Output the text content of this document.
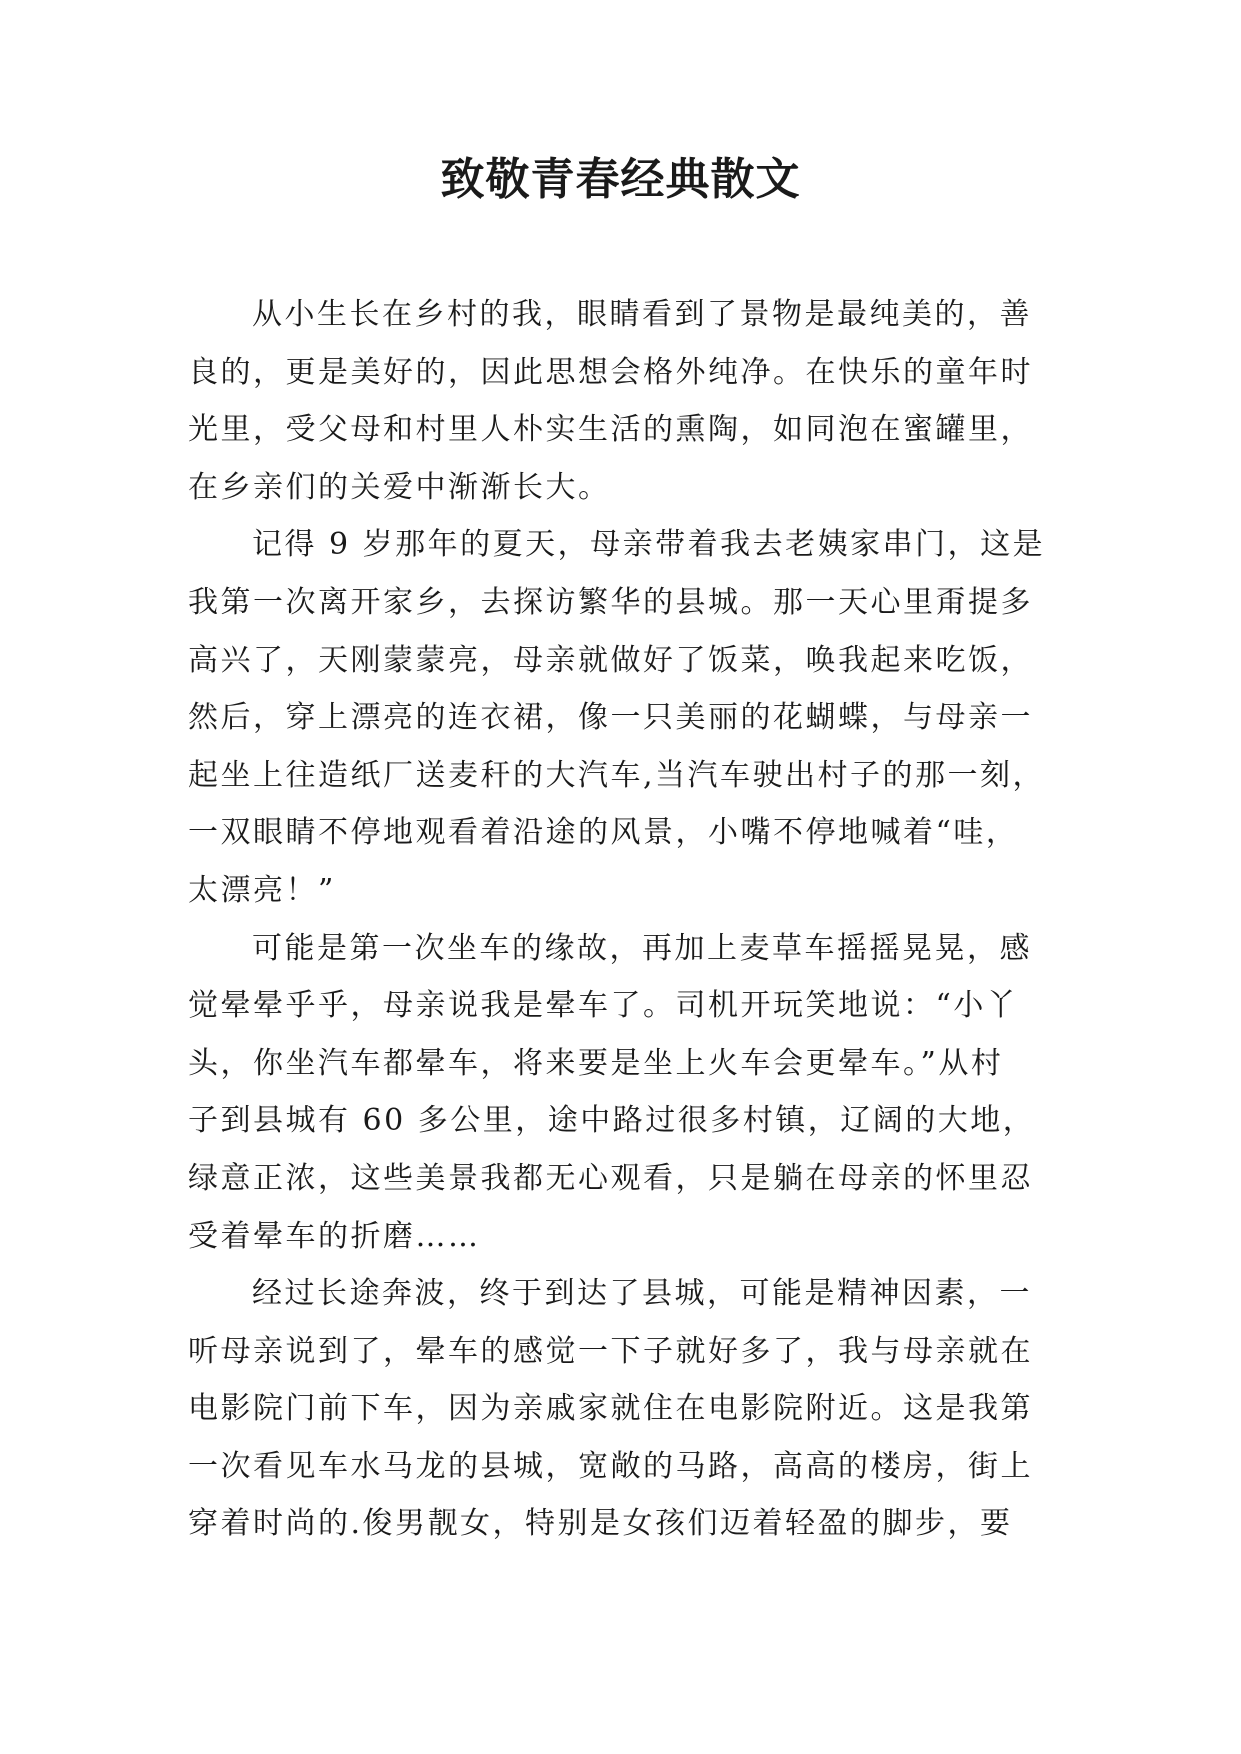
致敬青春经典散文
从小生长在乡村的我，眼睛看到了景物是最纯美的，善
良的，更是美好的，因此思想会格外纯净。在快乐的童年时
光里，受父母和村里人朴实生活的熏陶，如同泡在蜜罐里，
在乡亲们的关爱中渐渐长大。
记得 9 岁那年的夏天，母亲带着我去老姨家串门，这是
我第一次离开家乡，去探访繁华的县城。那一天心里甭提多
高兴了，天刚蒙蒙亮，母亲就做好了饭菜，唤我起来吃饭，
然后，穿上漂亮的连衣裙，像一只美丽的花蝴蝶，与母亲一
起坐上往造纸厂送麦秆的大汽车,当汽车驶出村子的那一刻，
一双眼睛不停地观看着沿途的风景，小嘴不停地喊着“哇，
太漂亮！”
可能是第一次坐车的缘故，再加上麦草车摇摇晃晃，感
觉晕晕乎乎，母亲说我是晕车了。司机开玩笑地说：“小丫
头，你坐汽车都晕车，将来要是坐上火车会更晕车。”从村
子到县城有 60 多公里，途中路过很多村镇，辽阔的大地，
绿意正浓，这些美景我都无心观看，只是躺在母亲的怀里忍
受着晕车的折磨……
经过长途奔波，终于到达了县城，可能是精神因素，一
听母亲说到了，晕车的感觉一下子就好多了，我与母亲就在
电影院门前下车，因为亲戚家就住在电影院附近。这是我第
一次看见车水马龙的县城，宽敞的马路，高高的楼房，街上
穿着时尚的.俊男靓女，特别是女孩们迈着轻盈的脚步，要
